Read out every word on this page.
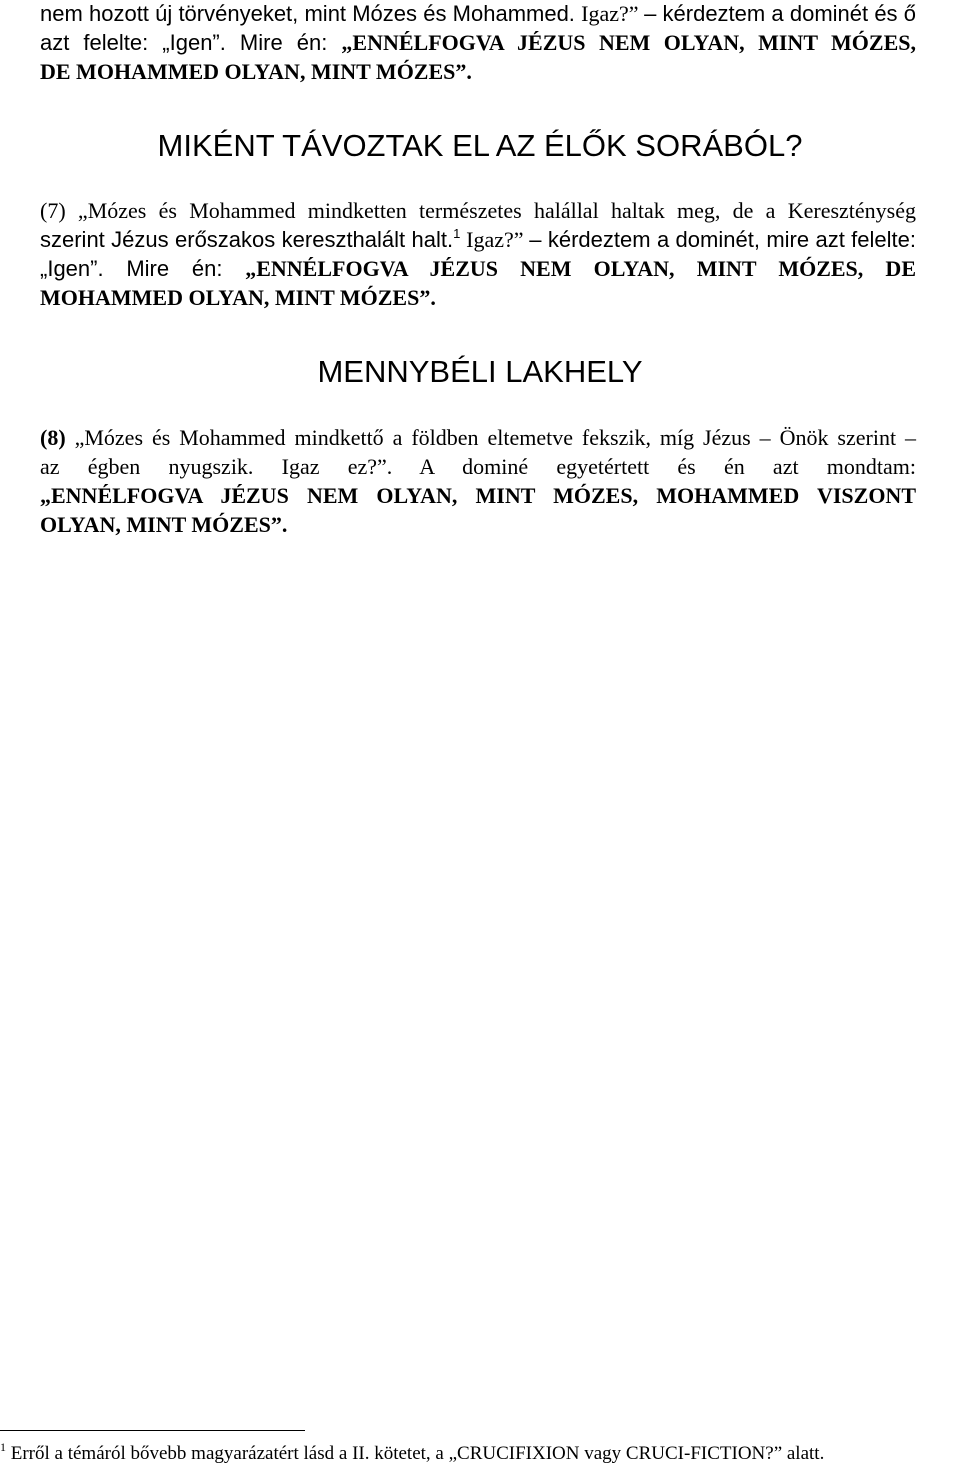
nem hozott új törvényeket, mint Mózes és Mohammed. Igaz?” – kérdeztem a dominét és ő
azt felelte: „Igen”. Mire én: „ENNÉLFOGVA JÉZUS NEM OLYAN, MINT MÓZES,
DE MOHAMMED OLYAN, MINT MÓZES”.
MIKÉNT TÁVOZTAK EL AZ ÉLŐK SORÁBÓL?
(7) „Mózes és Mohammed mindketten természetes halállal haltak meg, de a Kereszténység
szerint Jézus erőszakos kereszthalált halt.$^1$ Igaz?” – kérdeztem a dominét, mire azt felelte:
„Igen”. Mire én: „ENNÉLFOGVA JÉZUS NEM OLYAN, MINT MÓZES, DE
MOHAMMED OLYAN, MINT MÓZES”.
MENNYBÉLI LAKHELY
(8) „Mózes és Mohammed mindkettő a földben eltemetve fekszik, míg Jézus – Önök szerint –
az égben nyugszik. Igaz ez?”. A dominé egyetértett és én azt mondtam:
„ENNÉLFOGVA JÉZUS NEM OLYAN, MINT MÓZES, MOHAMMED VISZONT
OLYAN, MINT MÓZES”.
$^1$ Erről a témáról bővebb magyarázatért lásd a II. kötetet, a „CRUCIFIXION vagy CRUCI-FICTION?” alatt.
